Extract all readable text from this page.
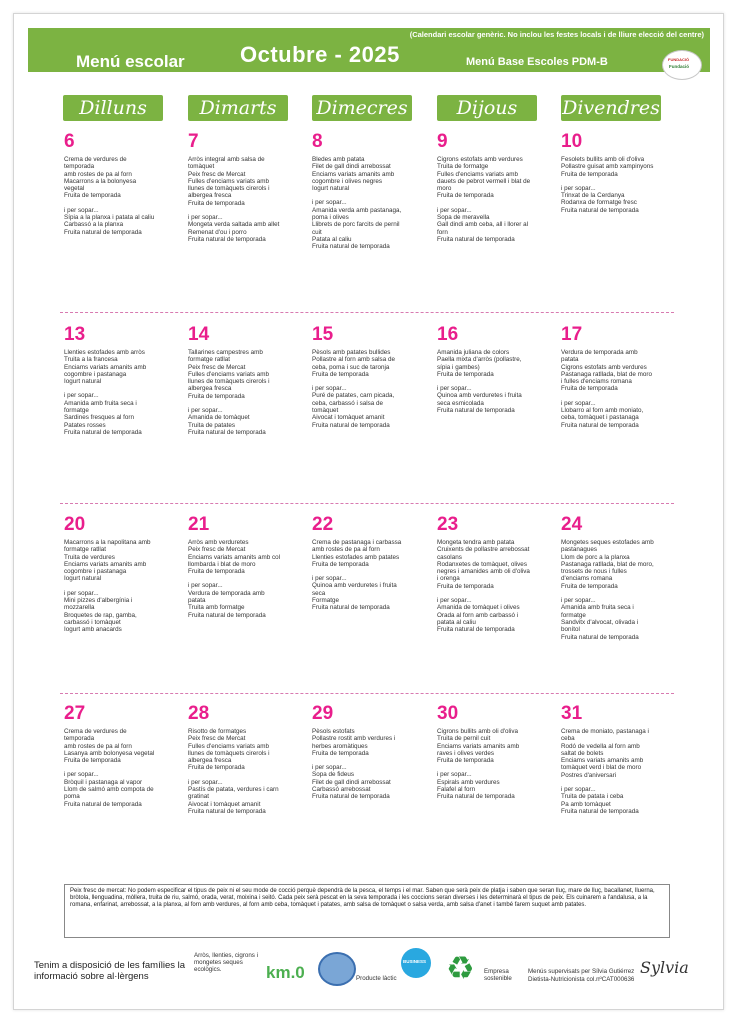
(Calendari escolar genèric. No inclou les festes locals i de lliure elecció del centre)
Menú escolar	Octubre - 2025	Menú Base Escoles PDM-B	FUNDACIÓ
Fundació
Dilluns	Dimarts	Dimecres	Dijous	Divendres
6
Crema de verdures de
temporada
amb rostes de pa al forn
Macarrons a la bolonyesa
vegetal
Fruita de temporada
i per sopar...
Sípia a la planxa i patata al caliu
Carbassó a la planxa
Fruita natural de temporada
7
Arròs integral amb salsa de
tomàquet
Peix fresc de Mercat
Fulles d'enciams variats amb
llunes de tomàquets cirerols i
albergea fresca
Fruita de temporada
i per sopar...
Mongeta verda saltada amb allet
Remenat d'ou i porro
Fruita natural de temporada
8
Bledes amb patata
Filet de gall dindi arrebossat
Enciams variats amanits amb
cogombre i olives negres
Iogurt natural
i per sopar...
Amanida verda amb pastanaga,
poma i olives
Llibrets de porc farcits de pernil
cuit
Patata al caliu
Fruita natural de temporada
9
Cigrons estofats amb verdures
Truita de formatge
Fulles d'enciams variats amb
dauets de pebrot vermell i blat de
moro
Fruita de temporada
i per sopar...
Sopa de meravella
Gall dindi amb ceba, all i llorer al
forn
Fruita natural de temporada
10
Fesolets bullits amb oli d'oliva
Pollastre guisat amb xampinyons
Fruita de temporada
i per sopar...
Trinxat de la Cerdanya
Rodanxa de formatge fresc
Fruita natural de temporada
13
Llenties estofades amb arròs
Truita a la francesa
Enciams variats amanits amb
cogombre i pastanaga
Iogurt natural
i per sopar...
Amanida amb fruita seca i
formatge
Sardines fresques al forn
Patates rosses
Fruita natural de temporada
14
Tallarines campestres amb
formatge ratllat
Peix fresc de Mercat
Fulles d'enciams variats amb
llunes de tomàquets cirerols i
albergea fresca
Fruita de temporada
i per sopar...
Amanida de tomàquet
Truita de patates
Fruita natural de temporada
15
Pèsols amb patates bullides
Pollastre al forn amb salsa de
ceba, poma i suc de taronja
Fruita de temporada
i per sopar...
Puré de patates, carn picada,
ceba, carbassó i salsa de
tomàquet
Aivocat i tomàquet amanit
Fruita natural de temporada
16
Amanida juliana de colors
Paella mixta d'arròs (pollastre,
sípia i gambes)
Fruita de temporada
i per sopar...
Quinoa amb verduretes i fruita
seca esmicolada
Fruita natural de temporada
17
Verdura de temporada amb
patata
Cigrons estofats amb verdures
Pastanaga ratllada, blat de moro
i fulles d'enciams romana
Fruita de temporada
i per sopar...
Llobarro al forn amb moniato,
ceba, tomàquet i pastanaga
Fruita natural de temporada
20
Macarrons a la napolitana amb
formatge ratllat
Truita de verdures
Enciams variats amanits amb
cogombre i pastanaga
Iogurt natural
i per sopar...
Mini pizzes d'albergínia i
mozzarella
Broquetes de rap, gamba,
carbassó i tomàquet
Iogurt amb anacards
21
Arròs amb verduretes
Peix fresc de Mercat
Enciams variats amanits amb col
llombarda i blat de moro
Fruita de temporada
i per sopar...
Verdura de temporada amb
patata
Truita amb formatge
Fruita natural de temporada
22
Crema de pastanaga i carbassa
amb rostes de pa al forn
Llenties estofades amb patates
Fruita de temporada
i per sopar...
Quinoa amb verduretes i fruita
seca
Formatge
Fruita natural de temporada
23
Mongeta tendra amb patata
Cruixents de pollastre arrebossat
casolans
Rodanxetes de tomàquet, olives
negres i amanides amb oli d'oliva
i orenga
Fruita de temporada
i per sopar...
Amanida de tomàquet i olives
Orada al forn amb carbassó i
patata al caliu
Fruita natural de temporada
24
Mongetes seques estofades amb
pastanagues
Llom de porc a la planxa
Pastanaga ratllada, blat de moro,
trossets de nous i fulles
d'enciams romana
Fruita de temporada
i per sopar...
Amanida amb fruita seca i
formatge
Sandvitx d'alvocat, olivada i
bonítol
Fruita natural de temporada
27
Crema de verdures de
temporada
amb rostes de pa al forn
Lasanya amb bolonyesa vegetal
Fruita de temporada
i per sopar...
Bròquil i pastanaga al vapor
Llom de salmó amb compota de
poma
Fruita natural de temporada
28
Risotto de formatges
Peix fresc de Mercat
Fulles d'enciams variats amb
llunes de tomàquets cirerols i
albergea fresca
Fruita de temporada
i per sopar...
Pastís de patata, verdures i carn
gratinat
Aivocat i tomàquet amanit
Fruita natural de temporada
29
Pèsols estofats
Pollastre rostit amb verdures i
herbes aromàtiques
Fruita de temporada
i per sopar...
Sopa de fideus
Filet de gall dindi arrebossat
Carbassó arrebossat
Fruita natural de temporada
30
Cigrons bullits amb oli d'oliva
Truita de pernil cuit
Enciams variats amanits amb
raves i olives verdes
Fruita de temporada
i per sopar...
Espirals amb verdures
Falafel al forn
Fruita natural de temporada
31
Crema de moniato, pastanaga i
ceba
Rodó de vedella al forn amb
saltat de bolets
Enciams variats amanits amb
tomàquet verd i blat de moro
Postres d'aniversari
i per sopar...
Truita de patata i ceba
Pa amb tomàquet
Fruita natural de temporada
Peix fresc de mercat: No podem especificar el tipus de peix ni el seu mode de cocció perquè dependrà de la pesca, el temps i el mar. Saben que serà peix de platja i saben que seran lluç, mare de lluç, bacallanet, lluerna, bròtola, llenguadina, mòllera, truita de riu, salmó, orada, verat, moixina i seitó. Cada peix serà pescat en la seva temporada i les coccions seran diverses i les determinarà el tipus de peix. Els cuinarem a l'andalusa, a la romana, enfarinat, arrebossat, a la planxa, al forn amb verdures, al forn amb ceba, tomàquet i patates, amb salsa de tomàquet o salsa verda, amb salsa d'anet i també farem suquet amb patates.
Tenim a disposició de les famílies la informació sobre al·lèrgens
Arròs, llenties, cigrons i mongetes seques ecològics.	km.0	Producte làctic
BUSINESS ♻ Empresa sostenible
Menús supervisats per Sílvia Gutiérrez
Dietista-Nutricionista col.nºCAT000636
Sylvia
